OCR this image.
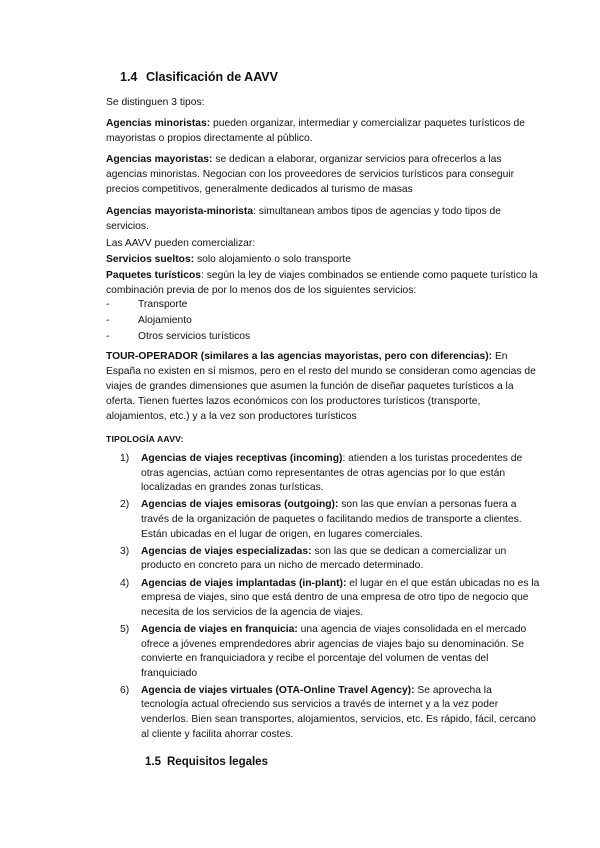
1.4 Clasificación de AAVV

Se distinguen 3 tipos:

Agencias minoristas: pueden organizar, intermediar y comercializar paquetes turísticos de mayoristas o propios directamente al público.

Agencias mayoristas: se dedican a elaborar, organizar servicios para ofrecerlos a las agencias minoristas. Negocian con los proveedores de servicios turísticos para conseguir precios competitivos, generalmente dedicados al turismo de masas

Agencias mayorista-minorista: simultanean ambos tipos de agencias y todo tipos de servicios.

Las AAVV pueden comercializar:

Servicios sueltos: solo alojamiento o solo transporte

Paquetes turísticos: según la ley de viajes combinados se entiende como paquete turístico la combinación previa de por lo menos dos de los siguientes servicios:

-	Transporte
-	Alojamiento
-	Otros servicios turísticos

TOUR-OPERADOR (similares a las agencias mayoristas, pero con diferencias): En España no existen en sí mismos, pero en el resto del mundo se consideran como agencias de viajes de grandes dimensiones que asumen la función de diseñar paquetes turísticos a la oferta. Tienen fuertes lazos económicos con los productores turísticos (transporte, alojamientos, etc.) y a la vez son productores turísticos

TIPOLOGÍA AAVV:
1) Agencias de viajes receptivas (incoming): atienden a los turistas procedentes de otras agencias, actúan como representantes de otras agencias por lo que están localizadas en grandes zonas turísticas.
2) Agencias de viajes emisoras (outgoing): son las que envían a personas fuera a través de la organización de paquetes o facilitando medios de transporte a clientes. Están ubicadas en el lugar de origen, en lugares comerciales.
3) Agencias de viajes especializadas: son las que se dedican a comercializar un producto en concreto para un nicho de mercado determinado.
4) Agencias de viajes implantadas (in-plant): el lugar en el que están ubicadas no es la empresa de viajes, sino que está dentro de una empresa de otro tipo de negocio que necesita de los servicios de la agencia de viajes.
5) Agencia de viajes en franquicia: una agencia de viajes consolidada en el mercado ofrece a jóvenes emprendedores abrir agencias de viajes bajo su denominación. Se convierte en franquiciadora y recibe el porcentaje del volumen de ventas del franquiciado
6) Agencia de viajes virtuales (OTA-Online Travel Agency): Se aprovecha la tecnología actual ofreciendo sus servicios a través de internet y a la vez poder venderlos. Bien sean transportes, alojamientos, servicios, etc. Es rápido, fácil, cercano al cliente y facilita ahorrar costes.
1.5 Requisitos legales
